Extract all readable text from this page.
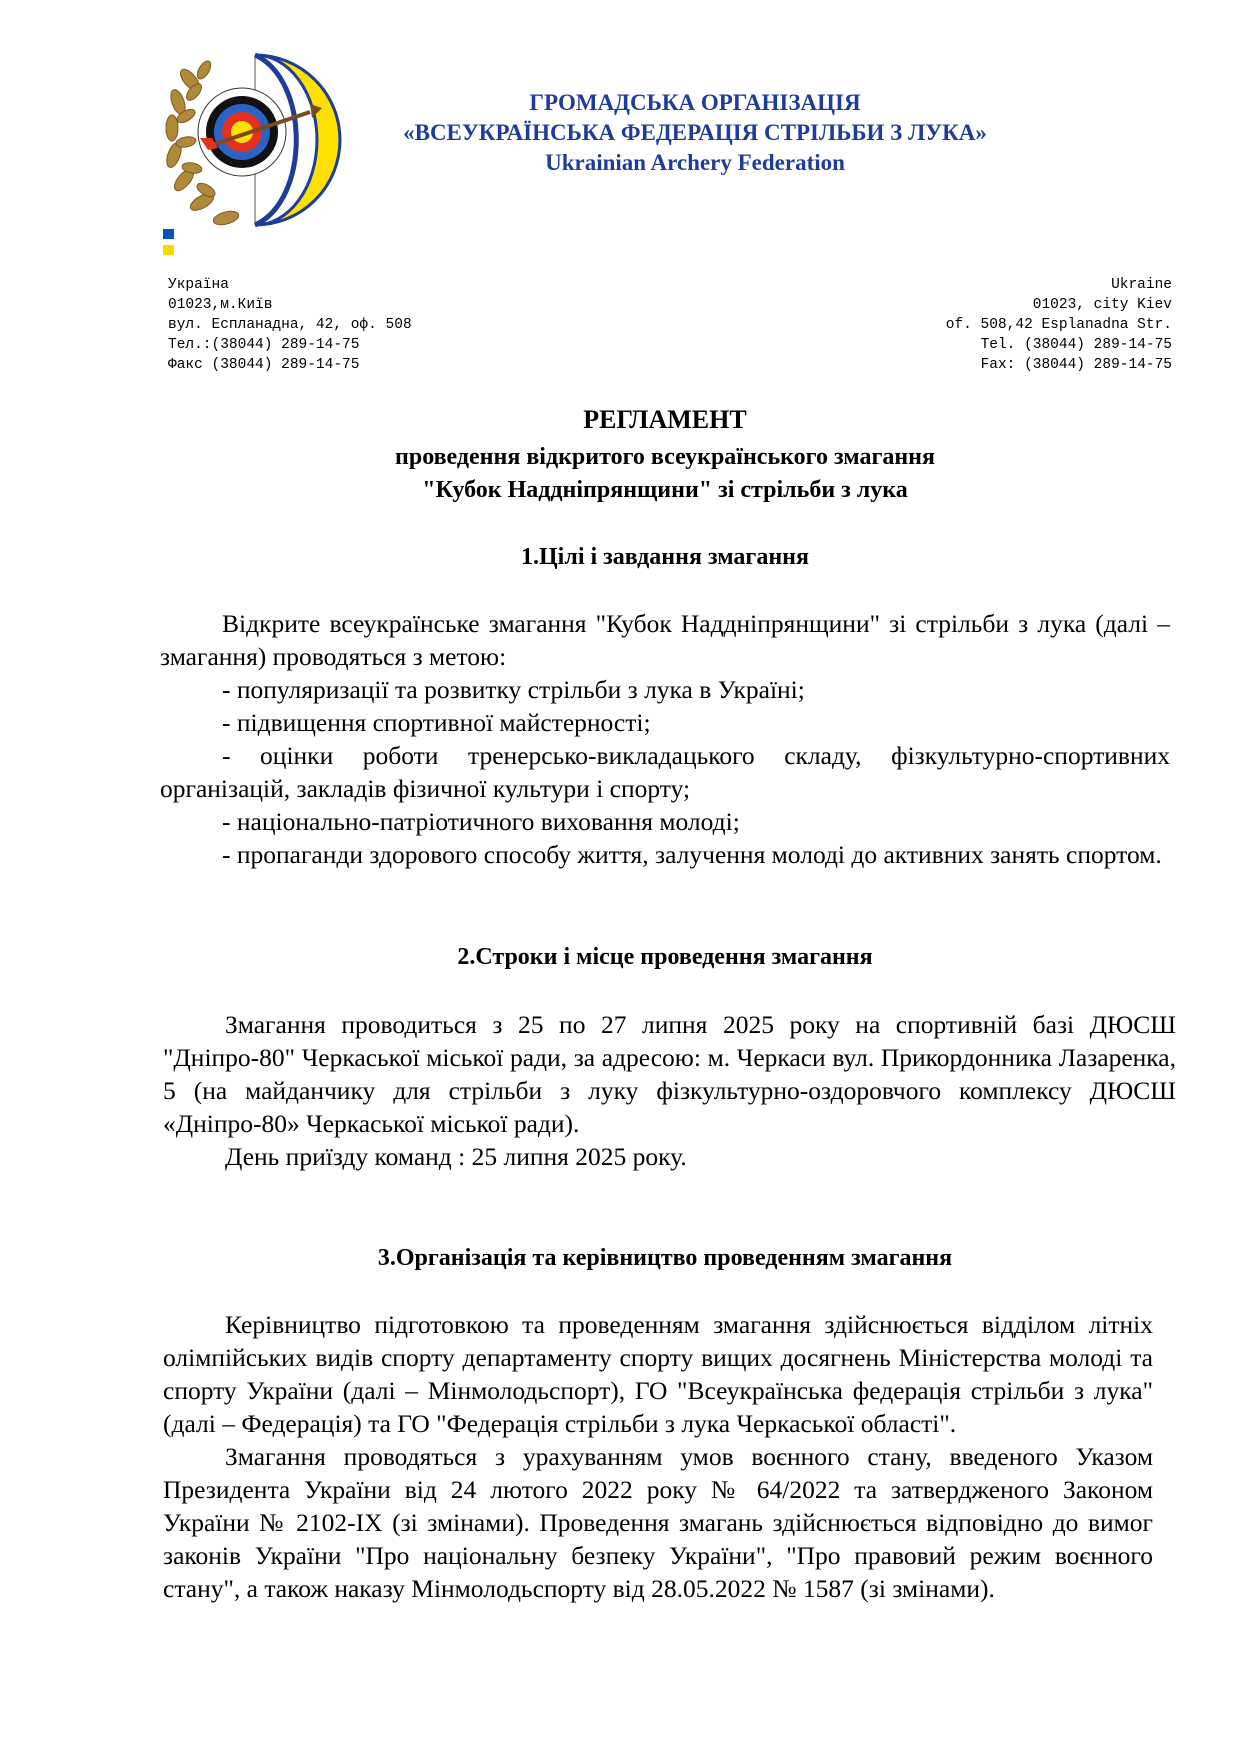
ГРОМАДСЬКА ОРГАНІЗАЦІЯ
«ВСЕУКРАЇНСЬКА ФЕДЕРАЦІЯ СТРІЛЬБИ З ЛУКА»
Ukrainian Archery Federation
Україна
01023,м.Київ
вул. Еспланадна, 42, оф. 508
Тел.:(38044) 289-14-75
Факс (38044) 289-14-75
Ukraine
01023, city Kiev
of. 508,42 Esplanadna Str.
Tel. (38044) 289-14-75
Fax: (38044) 289-14-75
РЕГЛАМЕНТ
проведення відкритого всеукраїнського змагання
"Кубок Наддніпрянщини" зі стрільби з лука
1.Цілі і завдання змагання

Відкрите всеукраїнське змагання "Кубок Наддніпрянщини" зі стрільби з лука (далі – змагання) проводяться з метою:

- популяризації та розвитку стрільби з лука в Україні;

- підвищення спортивної майстерності;

- оцінки роботи тренерсько-викладацького складу, фізкультурно-спортивних організацій, закладів фізичної культури і спорту;

- національно-патріотичного виховання молоді;

- пропаганди здорового способу життя, залучення молоді до активних занять спортом.

2.Строки і місце проведення змагання

Змагання проводиться з 25 по 27 липня 2025 року на спортивній базі ДЮСШ "Дніпро-80" Черкаської міської ради, за адресою: м. Черкаси вул. Прикордонника Лазаренка, 5 (на майданчику для стрільби з луку фізкультурно-оздоровчого комплексу ДЮСШ «Дніпро-80» Черкаської міської ради).

День приїзду команд : 25 липня 2025 року.

3.Організація та керівництво проведенням змагання

Керівництво підготовкою та проведенням змагання здійснюється відділом літніх олімпійських видів спорту департаменту спорту вищих досягнень Міністерства молоді та спорту України (далі – Мінмолодьспорт), ГО "Всеукраїнська федерація стрільби з лука" (далі – Федерація) та ГО "Федерація стрільби з лука Черкаської області".

Змагання проводяться з урахуванням умов воєнного стану, введеного Указом Президента України від 24 лютого 2022 року № 64/2022 та затвердженого Законом України № 2102-IX (зі змінами). Проведення змагань здійснюється відповідно до вимог законів України "Про національну безпеку України", "Про правовий режим воєнного стану", а також наказу Мінмолодьспорту від 28.05.2022 № 1587 (зі змінами).
